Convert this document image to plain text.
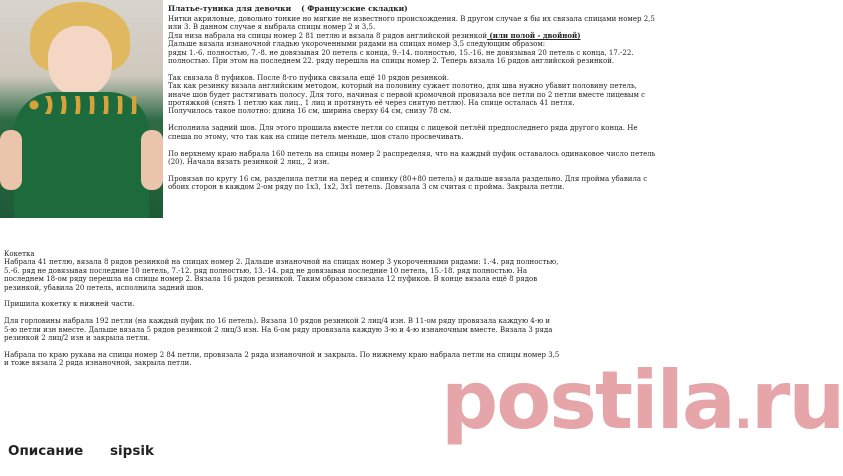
Платье-туника для девочки ( Французские складки)
Нитки акриловые, довольно тонкие но мягкие не известного происхождения. В другом случае я бы их связала спицами номер 2,5
или 3. В данном случае я выбрала спицы номер 2 и 3,5.
Для низа набрала на спицы номер 2 81 петлю и вязала 8 рядов английской резинкой (или полой - двойной)
Дальше вязала изнаночной гладью укороченными рядами на спицах номер 3,5 следующим образом:
ряды 1.-6. полностью, 7.-8. не довязывая 20 петель с конца, 9.-14. полностью, 15.-16. не довязывая 20 петель с конца, 17.-22.
полностью. При этом на последнем 22. ряду перешла на спицы номер 2. Теперь вязала 16 рядов английской резинкой.

Так связала 8 пуфиков. После 8-го пуфика связала ещё 10 рядов резинкой.
Так как резинку вязала английским методом, который на половину сужает полотно, для шва нужно убавит половину петель,
иначе шов будет растягивать полосу. Для того, начиная с первой кромочной провязала все петли по 2 петли вместе лицевым с
протяжкой (снять 1 петлю как лиц., 1 лиц и протянуть её через снятую петлю). На спице осталась 41 петля.
Получилось такое полотно: длина 16 см, ширина сверху 64 см, снизу 78 см.

Исполнила задний шов. Для этого прошила вместе петли со спицы с лицевой петлёй предпоследнего ряда другого конца. Не
спеша по этому, что так как на спице петель меньше, шов стало просвечивать.

По верхнему краю набрала 160 петель на спицы номер 2 распределяя, что на каждый пуфик оставалось одинаковое число петель
(20). Начала вязать резинкой 2 лиц., 2 изн.

Провязав по кругу 16 см, разделила петли на перед и спинку (80+80 петель) и дальше вязала раздельно. Для пройма убавила с
обоих сторон в каждом 2-ом ряду по 1х3, 1х2, 3х1 петель. Довязала 3 см считая с пройма. Закрыла петли.
Кокетка
Набрала 41 петлю, вязала 8 рядов резинкой на спицах номер 2. Дальше изнаночной на спицах номер 3 укороченными рядами: 1.-4. ряд полностью,
5.-6. ряд не довязывая последние 10 петель, 7.-12. ряд полностью, 13.-14. ряд не довязывая последние 10 петель, 15.-18. ряд полностью. На
последнем 18-ом ряду перешла на спицы номер 2. Вязала 16 рядов резинкой. Таким образом связала 12 пуфиков. В конце вязала ещё 8 рядов
резинкой, убавила 20 петель, исполнила задний шов.

Пришила кокетку к нижней части.

Для горловины набрала 192 петли (на каждый пуфик по 16 петель). Вязала 10 рядов резинкой 2 лиц/4 изн. В 11-ом ряду провязала каждую 4-ю и
5-ю петли изн вместе. Дальше вязала 5 рядов резинкой 2 лиц/3 изн. На 6-ом ряду провязала каждую 3-ю и 4-ю изнаночным вместе. Вязала 3 ряда
резинкой 2 лиц/2 изн и закрыла петли.

Набрала по краю рукава на спицы номер 2 84 петли, провязала 2 ряда изнаночной и закрыла. По нижнему краю набрала петли на спицы номер 3,5
и тоже вязала 2 ряда изнаночной, закрыла петли.
Описание sipsik
postila.ru
